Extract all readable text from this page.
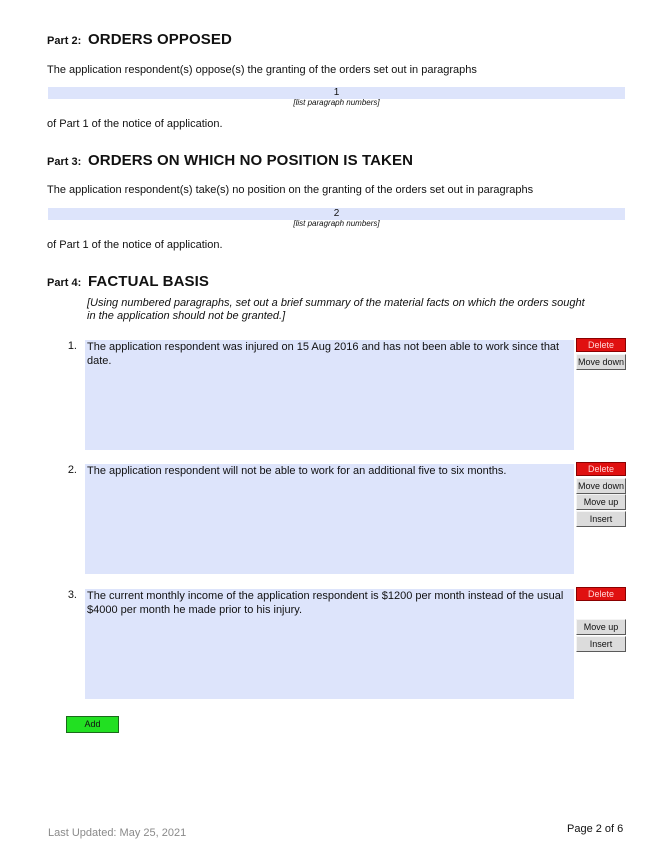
Part 2: ORDERS OPPOSED
The application respondent(s) oppose(s) the granting of the orders set out in paragraphs
1
[list paragraph numbers]
of Part 1 of the notice of application.
Part 3: ORDERS ON WHICH NO POSITION IS TAKEN
The application respondent(s) take(s) no position on the granting of the orders set out in paragraphs
2
[list paragraph numbers]
of Part 1 of the notice of application.
Part 4: FACTUAL BASIS
[Using numbered paragraphs, set out a brief summary of the material facts on which the orders sought in the application should not be granted.]
1. The application respondent was injured on 15 Aug 2016 and has not been able to work since that date.
Delete
Move down
2. The application respondent will not be able to work for an additional five to six months.	Delete
Move down
Move up
Insert
3. The current monthly income of the application respondent is $1200 per month instead of the usual $4000 per month he made prior to his injury.
Delete
Move up
Insert
Add
Last Updated: May 25, 2021	Page 2 of 6
